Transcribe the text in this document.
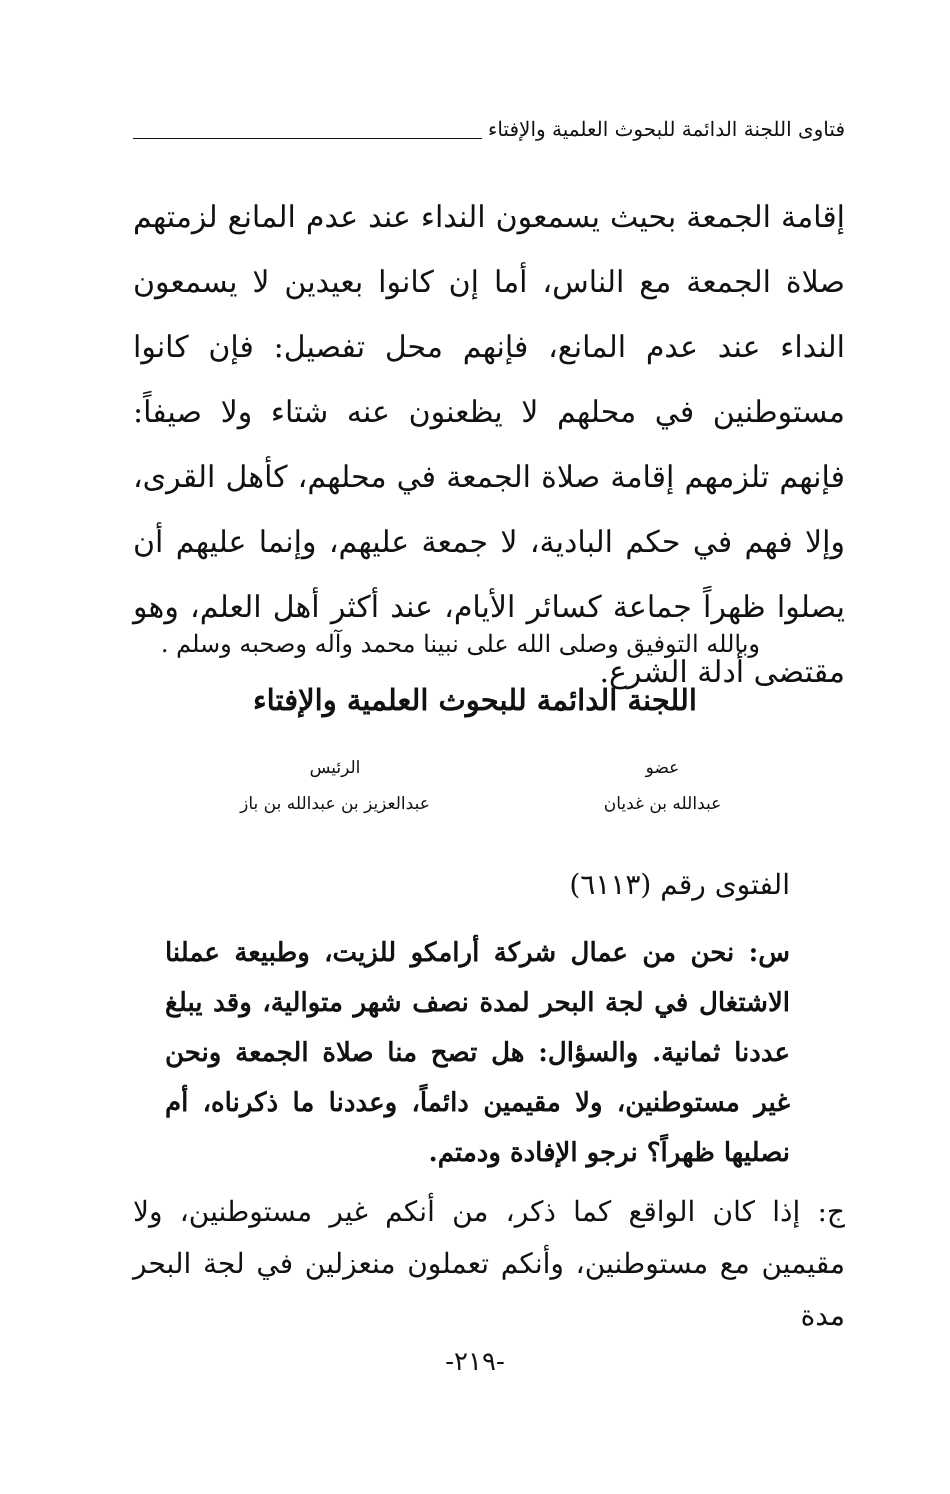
فتاوى اللجنة الدائمة للبحوث العلمية والإفتاء

إقامة الجمعة بحيث يسمعون النداء عند عدم المانع لزمتهم صلاة الجمعة مع الناس، أما إن كانوا بعيدين لا يسمعون النداء عند عدم المانع، فإنهم محل تفصيل: فإن كانوا مستوطنين في محلهم لا يظعنون عنه شتاء ولا صيفاً: فإنهم تلزمهم إقامة صلاة الجمعة في محلهم، كأهل القرى، وإلا فهم في حكم البادية، لا جمعة عليهم، وإنما عليهم أن يصلوا ظهراً جماعة كسائر الأيام، عند أكثر أهل العلم، وهو مقتضى أدلة الشرع.

وبالله التوفيق وصلى الله على نبينا محمد وآله وصحبه وسلم .
اللجنة الدائمة للبحوث العلمية والإفتاء
عضو
عبدالله بن غديان
الرئيس
عبدالعزيز بن عبدالله بن باز
الفتوى رقم (٦١١٣)

س: نحن من عمال شركة أرامكو للزيت، وطبيعة عملنا الاشتغال في لجة البحر لمدة نصف شهر متوالية، وقد يبلغ عددنا ثمانية. والسؤال: هل تصح منا صلاة الجمعة ونحن غير مستوطنين، ولا مقيمين دائماً، وعددنا ما ذكرناه، أم نصليها ظهراً؟ نرجو الإفادة ودمتم.

ج: إذا كان الواقع كما ذكر، من أنكم غير مستوطنين، ولا مقيمين مع مستوطنين، وأنكم تعملون منعزلين في لجة البحر مدة

-٢١٩-
